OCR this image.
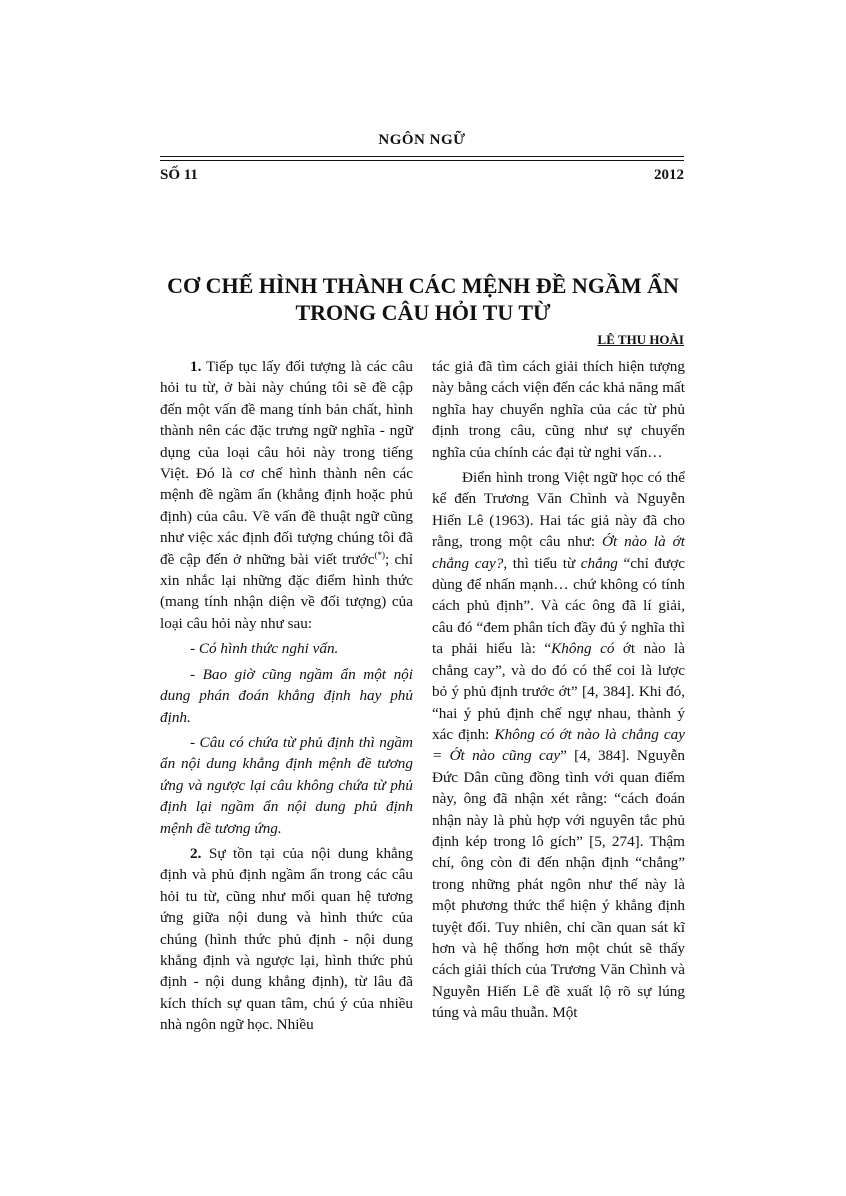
NGÔN NGỮ
SỐ 11	2012
CƠ CHẾ HÌNH THÀNH CÁC MỆNH ĐỀ NGẦM ẨN
TRONG CÂU HỎI TU TỪ
LÊ THU HOÀI

1. Tiếp tục lấy đối tượng là các câu hỏi tu từ, ở bài này chúng tôi sẽ đề cập đến một vấn đề mang tính bản chất, hình thành nên các đặc trưng ngữ nghĩa - ngữ dụng của loại câu hỏi này trong tiếng Việt. Đó là cơ chế hình thành nên các mệnh đề ngầm ẩn (khẳng định hoặc phủ định) của câu. Về vấn đề thuật ngữ cũng như việc xác định đối tượng chúng tôi đã đề cập đến ở những bài viết trước(*); chỉ xin nhắc lại những đặc điểm hình thức (mang tính nhận diện về đối tượng) của loại câu hỏi này như sau:

- Có hình thức nghi vấn.

- Bao giờ cũng ngầm ẩn một nội dung phán đoán khẳng định hay phủ định.

- Câu có chứa từ phủ định thì ngầm ẩn nội dung khẳng định mệnh đề tương ứng và ngược lại câu không chứa từ phủ định lại ngầm ẩn nội dung phủ định mệnh đề tương ứng.

2. Sự tồn tại của nội dung khẳng định và phủ định ngầm ẩn trong các câu hỏi tu từ, cũng như mối quan hệ tương ứng giữa nội dung và hình thức của chúng (hình thức phủ định - nội dung khẳng định và ngược lại, hình thức phủ định - nội dung khẳng định), từ lâu đã kích thích sự quan tâm, chú ý của nhiều nhà ngôn ngữ học. Nhiều

tác giả đã tìm cách giải thích hiện tượng này bằng cách viện đến các khả năng mất nghĩa hay chuyển nghĩa của các từ phủ định trong câu, cũng như sự chuyển nghĩa của chính các đại từ nghi vấn…

Điển hình trong Việt ngữ học có thể kể đến Trương Văn Chình và Nguyễn Hiến Lê (1963). Hai tác giả này đã cho rằng, trong một câu như: Ớt nào là ớt chẳng cay?, thì tiểu từ chẳng “chỉ được dùng để nhấn mạnh… chứ không có tính cách phủ định”. Và các ông đã lí giải, câu đó “đem phân tích đầy đủ ý nghĩa thì ta phải hiểu là: “Không có ớt nào là chẳng cay”, và do đó có thể coi là lược bỏ ý phủ định trước ớt” [4, 384]. Khi đó, “hai ý phủ định chế ngự nhau, thành ý xác định: Không có ớt nào là chẳng cay = Ớt nào cũng cay” [4, 384]. Nguyễn Đức Dân cũng đồng tình với quan điểm này, ông đã nhận xét rằng: “cách đoán nhận này là phù hợp với nguyên tắc phủ định kép trong lô gích” [5, 274]. Thậm chí, ông còn đi đến nhận định “chẳng” trong những phát ngôn như thế này là một phương thức thể hiện ý khẳng định tuyệt đối. Tuy nhiên, chỉ cần quan sát kĩ hơn và hệ thống hơn một chút sẽ thấy cách giải thích của Trương Văn Chình và Nguyễn Hiến Lê đề xuất lộ rõ sự lúng túng và mâu thuẫn. Một
